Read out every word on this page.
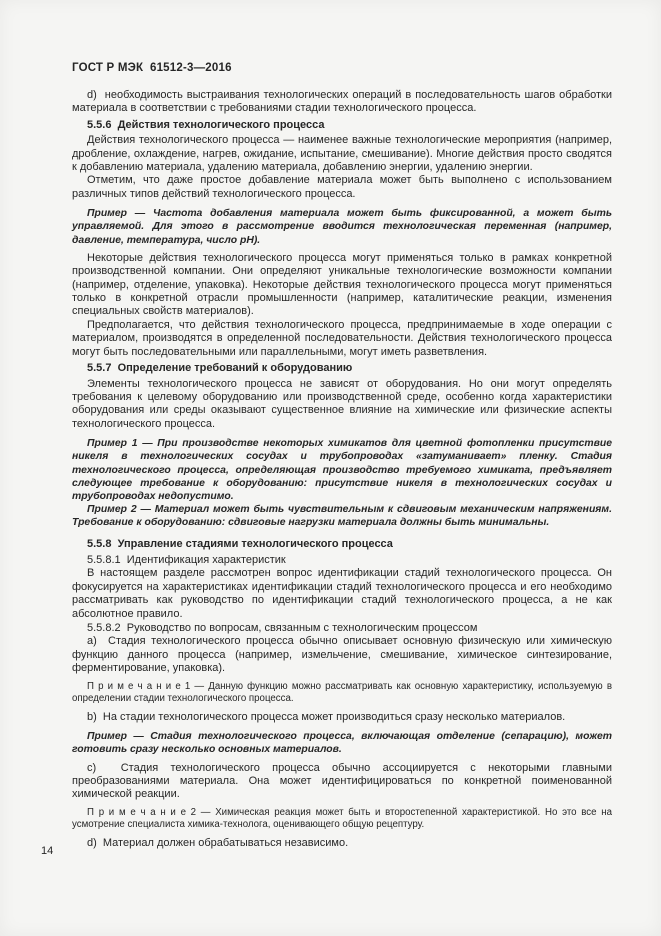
ГОСТ Р МЭК  61512-3—2016

d)  необходимость выстраивания технологических операций в последовательность шагов обработки материала в соответствии с требованиями стадии технологического процесса.

5.5.6  Действия технологического процесса

Действия технологического процесса — наименее важные технологические мероприятия (например, дробление, охлаждение, нагрев, ожидание, испытание, смешивание). Многие действия просто сводятся к добавлению материала, удалению материала, добавлению энергии, удалению энергии.

Отметим, что даже простое добавление материала может быть выполнено с использованием различных типов действий технологического процесса.

Пример — Частота добавления материала может быть фиксированной, а может быть управляемой. Для этого в рассмотрение вводится технологическая переменная (например, давление, температура, число pH).

Некоторые действия технологического процесса могут применяться только в рамках конкретной производственной компании. Они определяют уникальные технологические возможности компании (например, отделение, упаковка). Некоторые действия технологического процесса могут применяться только в конкретной отрасли промышленности (например, каталитические реакции, изменения специальных свойств материалов).

Предполагается, что действия технологического процесса, предпринимаемые в ходе операции с материалом, производятся в определенной последовательности. Действия технологического процесса могут быть последовательными или параллельными, могут иметь разветвления.

5.5.7  Определение требований к оборудованию

Элементы технологического процесса не зависят от оборудования. Но они могут определять требования к целевому оборудованию или производственной среде, особенно когда характеристики оборудования или среды оказывают существенное влияние на химические или физические аспекты технологического процесса.

Пример 1 — При производстве некоторых химикатов для цветной фотопленки присутствие никеля в технологических сосудах и трубопроводах «затуманивает» пленку. Стадия технологического процесса, определяющая производство требуемого химиката, предъявляет следующее требование к оборудованию: присутствие никеля в технологических сосудах и трубопроводах недопустимо.

Пример 2 — Материал может быть чувствительным к сдвиговым механическим напряжениям. Требование к оборудованию: сдвиговые нагрузки материала должны быть минимальны.

5.5.8  Управление стадиями технологического процесса

5.5.8.1  Идентификация характеристик

В настоящем разделе рассмотрен вопрос идентификации стадий технологического процесса. Он фокусируется на характеристиках идентификации стадий технологического процесса и его необходимо рассматривать как руководство по идентификации стадий технологического процесса, а не как абсолютное правило.

5.5.8.2  Руководство по вопросам, связанным с технологическим процессом

a)  Стадия технологического процесса обычно описывает основную физическую или химическую функцию данного процесса (например, измельчение, смешивание, химическое синтезирование, ферментирование, упаковка).

П р и м е ч а н и е 1 — Данную функцию можно рассматривать как основную характеристику, используемую в определении стадии технологического процесса.

b)  На стадии технологического процесса может производиться сразу несколько материалов.

Пример — Стадия технологического процесса, включающая отделение (сепарацию), может готовить сразу несколько основных материалов.

c)  Стадия технологического процесса обычно ассоциируется с некоторыми главными преобразованиями материала. Она может идентифицироваться по конкретной поименованной химической реакции.

П р и м е ч а н и е 2 — Химическая реакция может быть и второстепенной характеристикой. Но это все на усмотрение специалиста химика-технолога, оценивающего общую рецептуру.

d)  Материал должен обрабатываться независимо.

14
